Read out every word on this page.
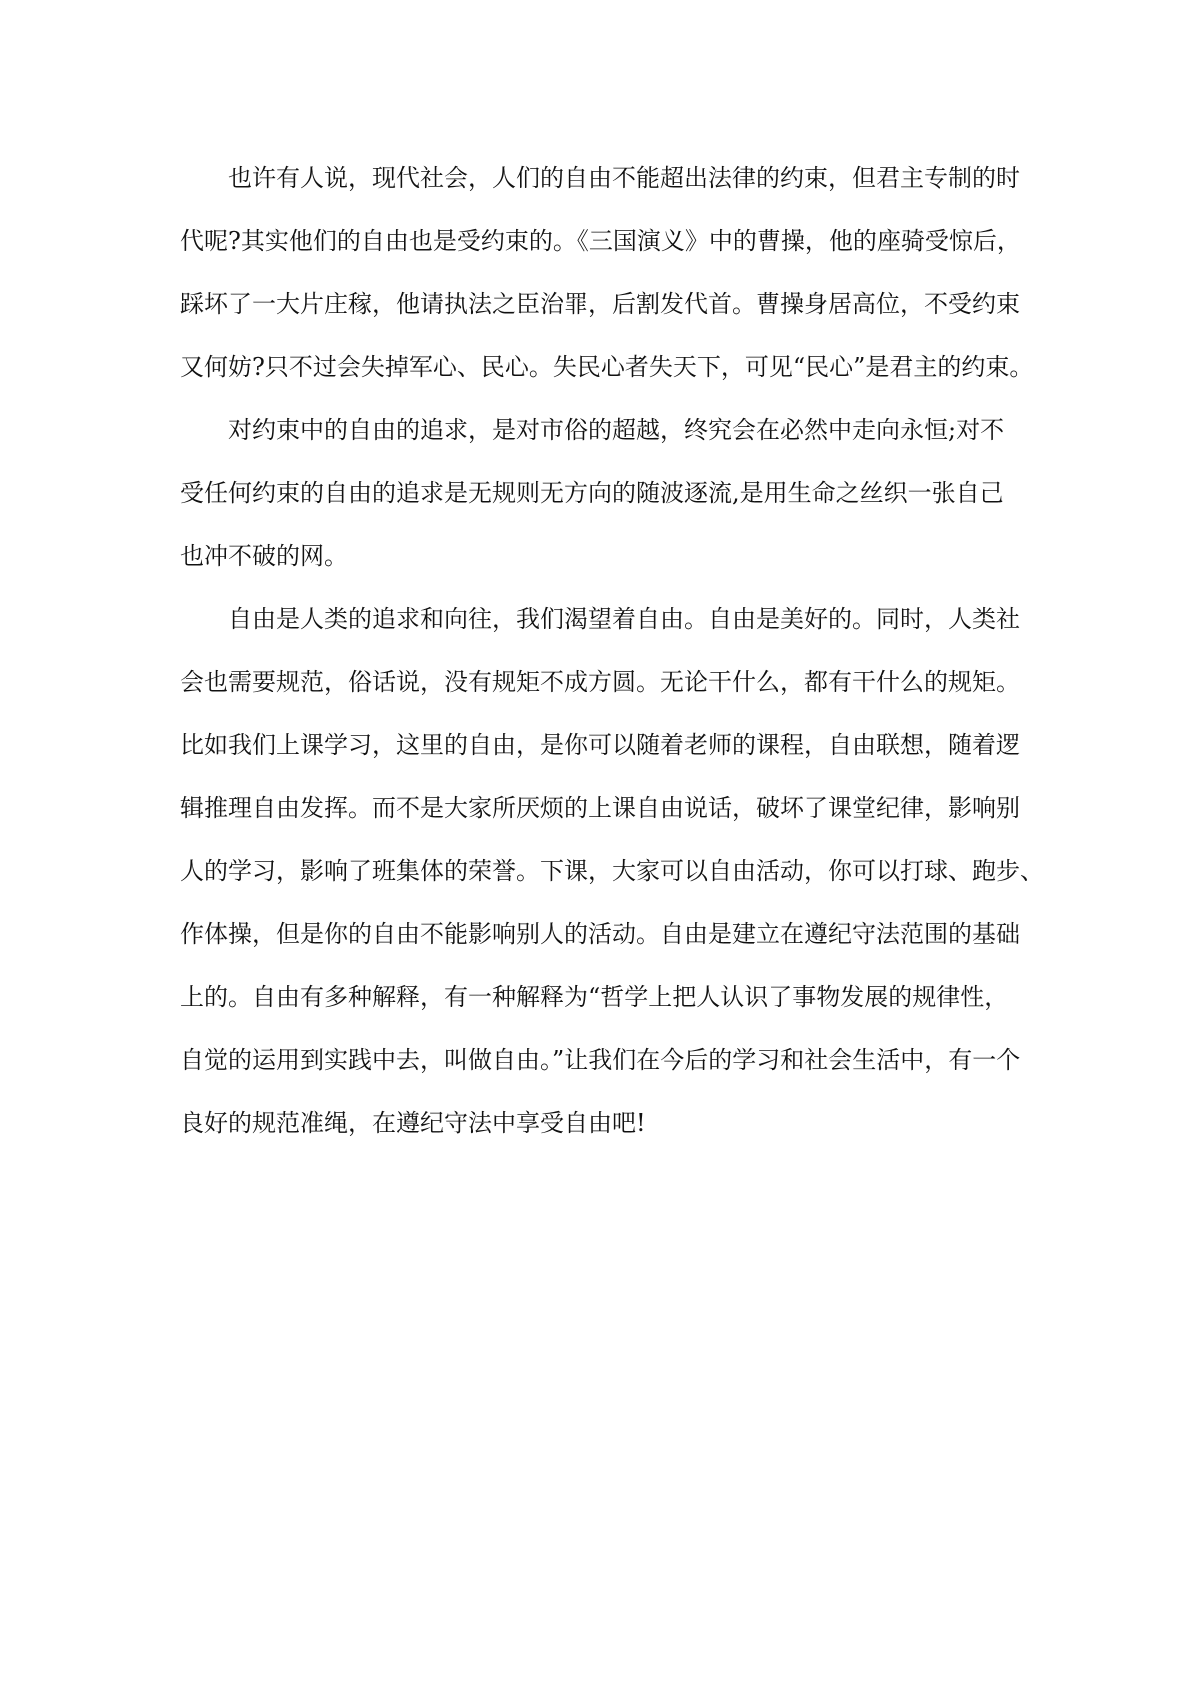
也许有人说，现代社会，人们的自由不能超出法律的约束，但君主专制的时
代呢?其实他们的自由也是受约束的。《三国演义》中的曹操，他的座骑受惊后，
踩坏了一大片庄稼，他请执法之臣治罪，后割发代首。曹操身居高位，不受约束
又何妨?只不过会失掉军心、民心。失民心者失天下，可见“民心”是君主的约束。
对约束中的自由的追求，是对市俗的超越，终究会在必然中走向永恒;对不
受任何约束的自由的追求是无规则无方向的随波逐流,是用生命之丝织一张自己
也冲不破的网。
自由是人类的追求和向往，我们渴望着自由。自由是美好的。同时，人类社
会也需要规范，俗话说，没有规矩不成方圆。无论干什么，都有干什么的规矩。
比如我们上课学习，这里的自由，是你可以随着老师的课程，自由联想，随着逻
辑推理自由发挥。而不是大家所厌烦的上课自由说话，破坏了课堂纪律，影响别
人的学习，影响了班集体的荣誉。下课，大家可以自由活动，你可以打球、跑步、
作体操，但是你的自由不能影响别人的活动。自由是建立在遵纪守法范围的基础
上的。自由有多种解释，有一种解释为“哲学上把人认识了事物发展的规律性，
自觉的运用到实践中去，叫做自由。”让我们在今后的学习和社会生活中，有一个
良好的规范准绳，在遵纪守法中享受自由吧!
